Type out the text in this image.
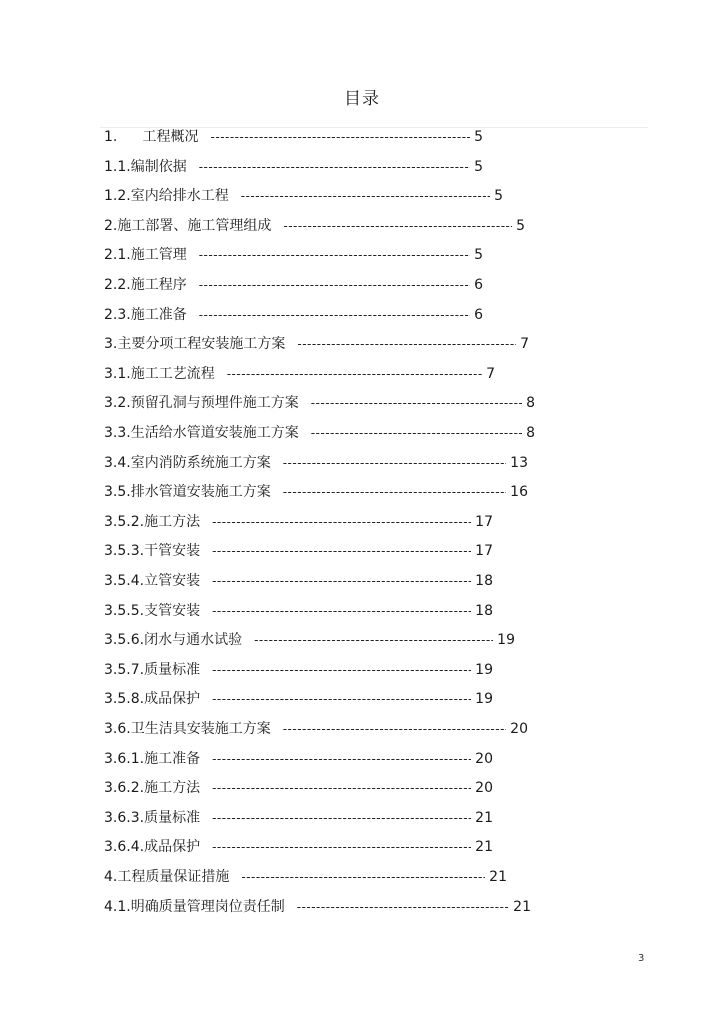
目录
1. 工程概况 -----	5
1.1. 编制依据 -----	5
1.2. 室内给排水工程 -----	5
2. 施工部署、施工管理组成 -----	5
2.1. 施工管理 -----	5
2.2. 施工程序 -----	6
2.3. 施工准备 -----	6
3. 主要分项工程安装施工方案 -----	7
3.1. 施工工艺流程 -----	7
3.2. 预留孔洞与预埋件施工方案 -----	8
3.3. 生活给水管道安装施工方案 -----	8
3.4. 室内消防系统施工方案 -----	13
3.5. 排水管道安装施工方案 -----	16
3.5.2. 施工方法 -----	17
3.5.3. 干管安装 -----	17
3.5.4. 立管安装 -----	18
3.5.5. 支管安装 -----	18
3.5.6. 闭水与通水试验 -----	19
3.5.7. 质量标准 -----	19
3.5.8. 成品保护 -----	19
3.6. 卫生洁具安装施工方案 -----	20
3.6.1. 施工准备 -----	20
3.6.2. 施工方法 -----	20
3.6.3. 质量标准 -----	21
3.6.4. 成品保护 -----	21
4. 工程质量保证措施 -----	21
4.1. 明确质量管理岗位责任制 -----	21
3
